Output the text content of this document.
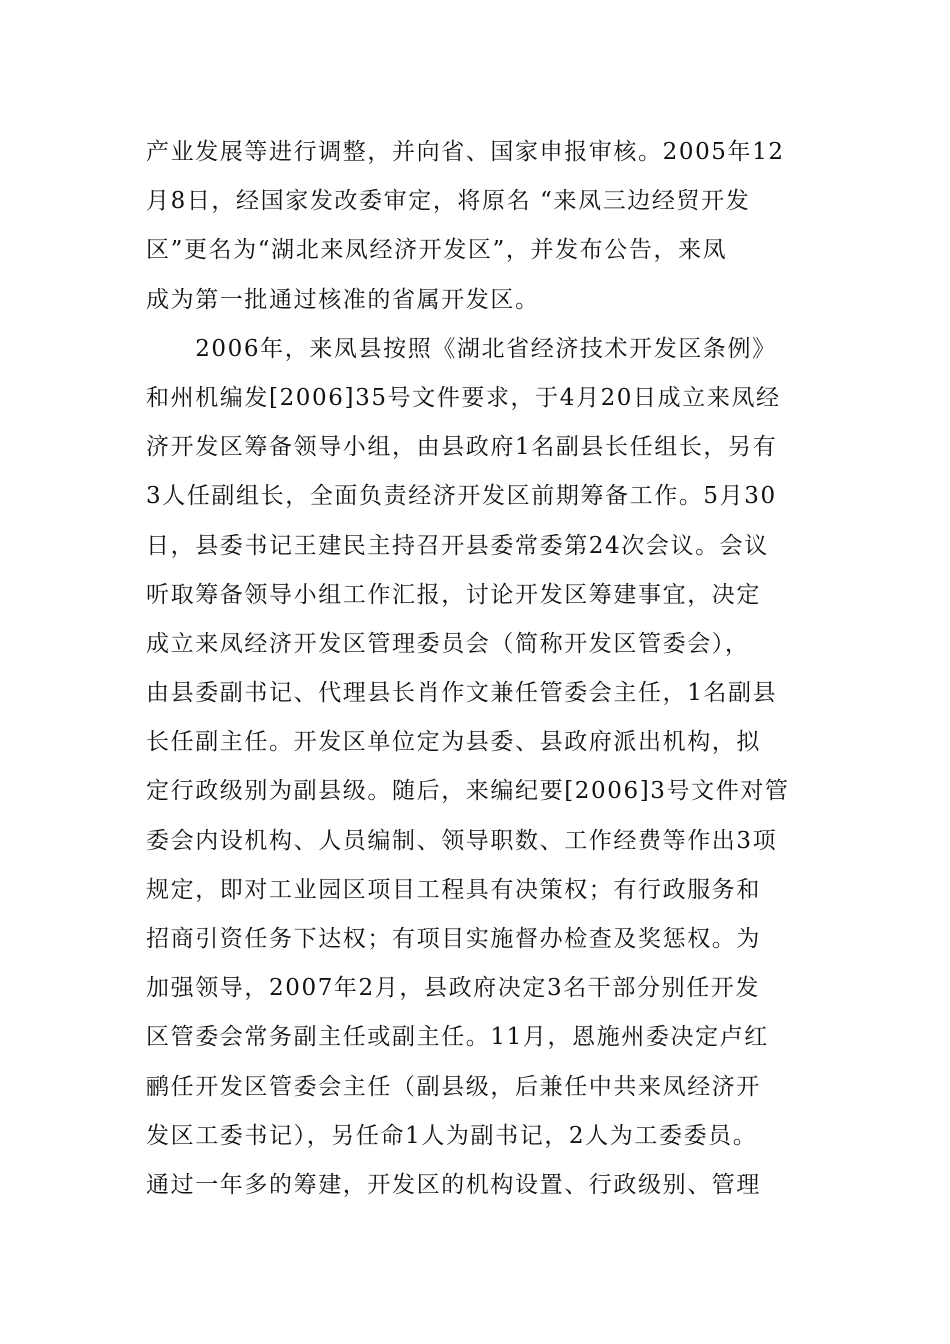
产业发展等进行调整，并向省、国家申报审核。2005年12
月8日，经国家发改委审定，将原名 “来凤三边经贸开发
区”更名为“湖北来凤经济开发区”，并发布公告，来凤
成为第一批通过核准的省属开发区。
　　2006年，来凤县按照《湖北省经济技术开发区条例》
和州机编发[2006]35号文件要求，于4月20日成立来凤经
济开发区筹备领导小组，由县政府1名副县长任组长，另有
3人任副组长，全面负责经济开发区前期筹备工作。5月30
日，县委书记王建民主持召开县委常委第24次会议。会议
听取筹备领导小组工作汇报，讨论开发区筹建事宜，决定
成立来凤经济开发区管理委员会（简称开发区管委会），
由县委副书记、代理县长肖作文兼任管委会主任，1名副县
长任副主任。开发区单位定为县委、县政府派出机构，拟
定行政级别为副县级。随后，来编纪要[2006]3号文件对管
委会内设机构、人员编制、领导职数、工作经费等作出3项
规定，即对工业园区项目工程具有决策权；有行政服务和
招商引资任务下达权；有项目实施督办检查及奖惩权。为
加强领导，2007年2月，县政府决定3名干部分别任开发
区管委会常务副主任或副主任。11月，恩施州委决定卢红
鹂任开发区管委会主任（副县级，后兼任中共来凤经济开
发区工委书记），另任命1人为副书记，2人为工委委员。
通过一年多的筹建，开发区的机构设置、行政级别、管理
